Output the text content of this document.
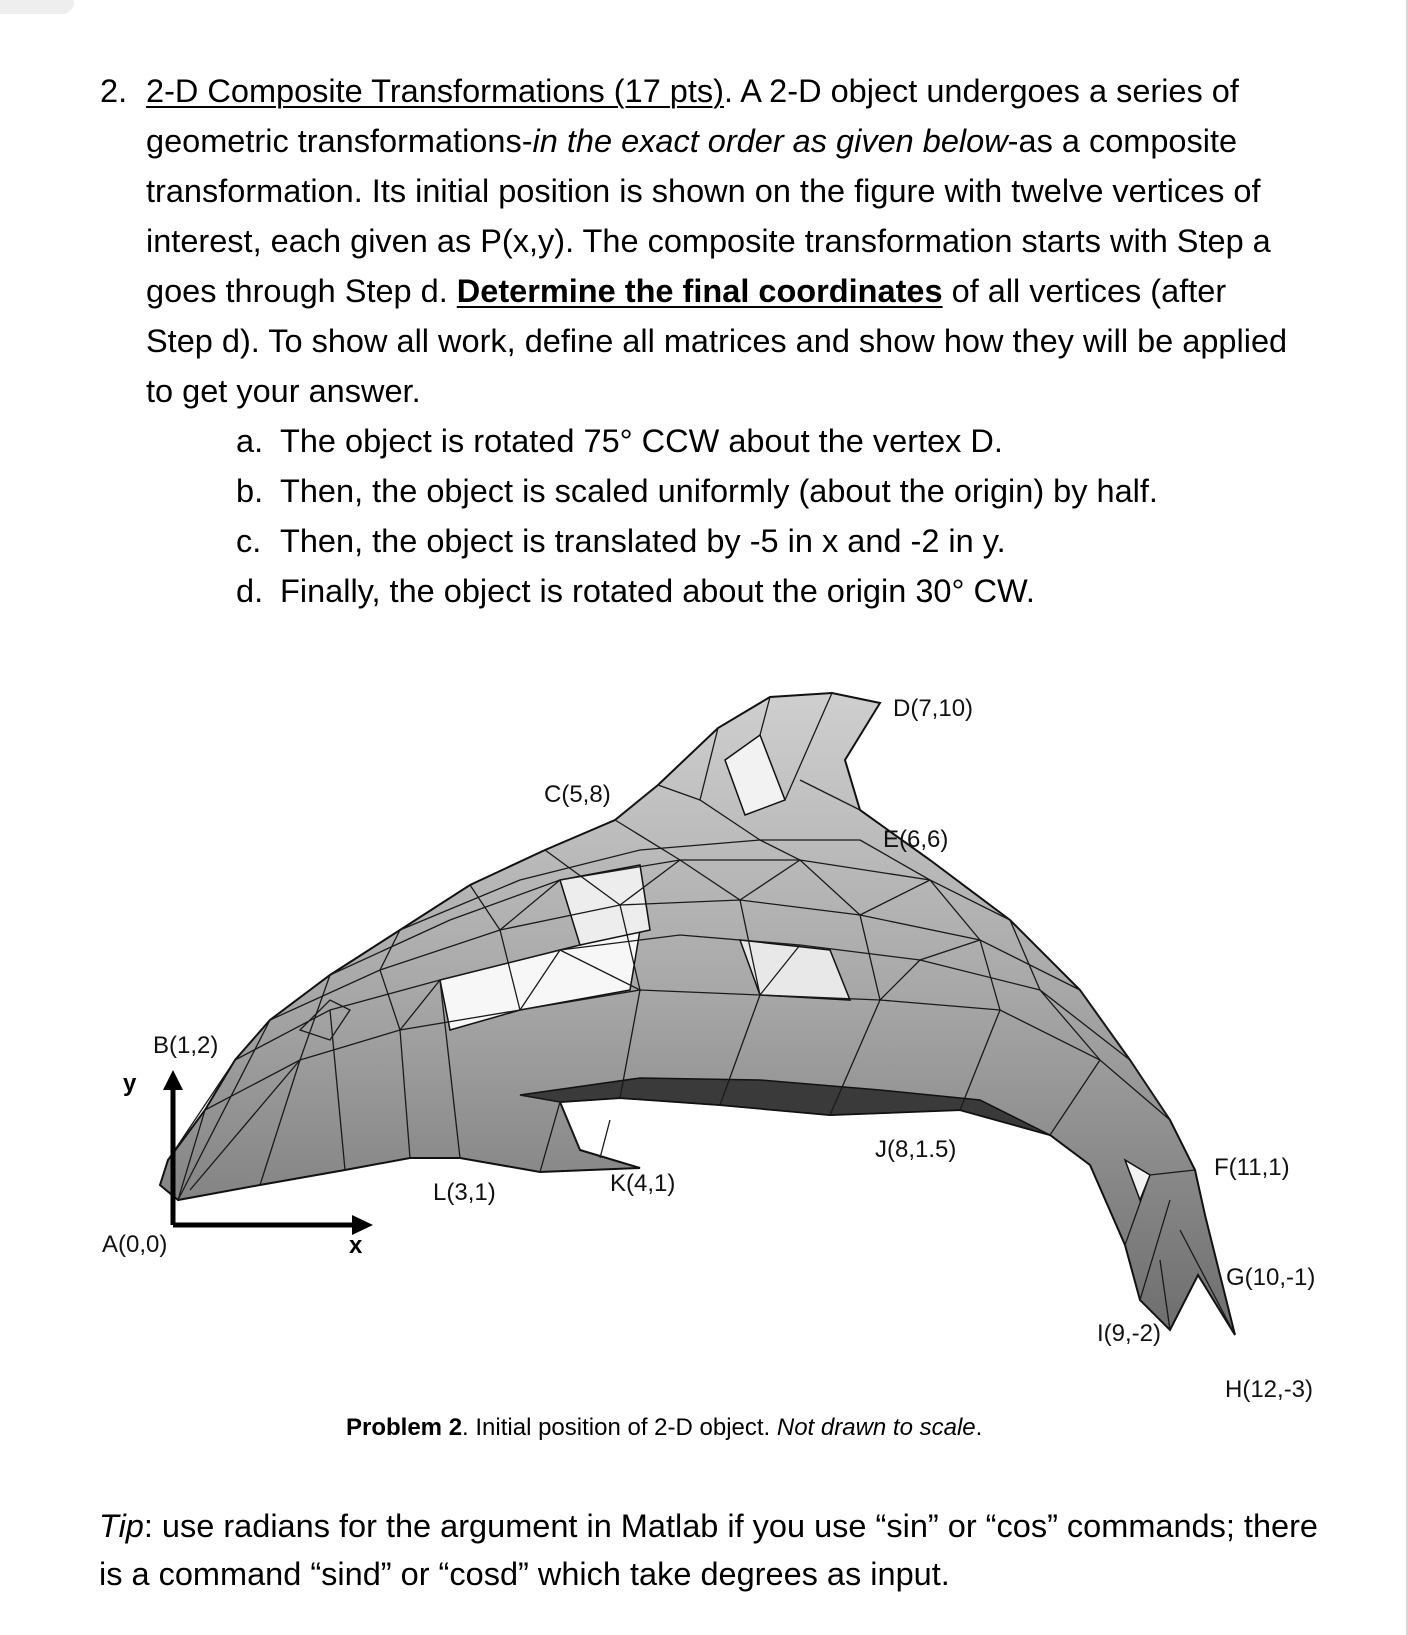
2. 2-D Composite Transformations (17 pts). A 2-D object undergoes a series of geometric transformations-in the exact order as given below-as a composite transformation. Its initial position is shown on the figure with twelve vertices of interest, each given as P(x,y). The composite transformation starts with Step a goes through Step d. Determine the final coordinates of all vertices (after Step d). To show all work, define all matrices and show how they will be applied to get your answer.
a. The object is rotated 75° CCW about the vertex D.
b. Then, the object is scaled uniformly (about the origin) by half.
c. Then, the object is translated by -5 in x and -2 in y.
d. Finally, the object is rotated about the origin 30° CW.
x
y
D(7,10)
C(5,8)
E(6,6)
B(1,2)
J(8,1.5)
F(11,1)
K(4,1)
L(3,1)
A(0,0)
G(10,-1)
I(9,-2)
H(12,-3)
Problem 2. Initial position of 2-D object. Not drawn to scale.
Tip: use radians for the argument in Matlab if you use “sin” or “cos” commands; there is a command “sind” or “cosd” which take degrees as input.
